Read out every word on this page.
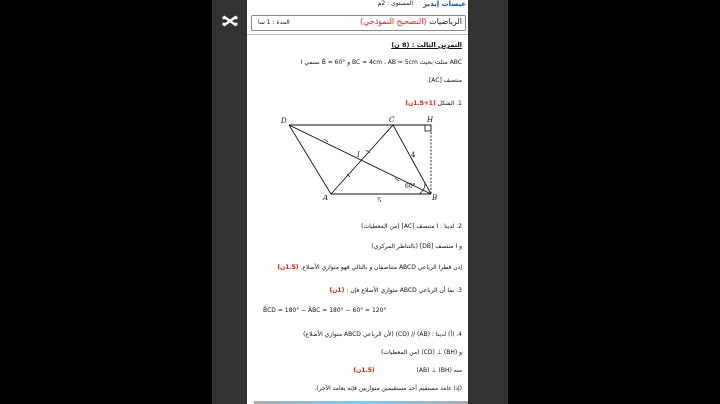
عيسات إيدير
المستوى : 2م
الرياضيات (التصحيح النموذجي)
المدة : 1 سا
التمرين الثالث : (8 ن)
ABC مثلث بحيث BC = 4cm ، AB = 5cm و B̂ = 60° نسمي I
منتصف [AC].
1. الشكل (1+1.5ن)
D	C	H
I	4
60°
A	5	B
2. لدينا : I منتصف [AC] (من المعطيات)
و I منتصف [DB] (بالتناظر المركزي)
إذن قطرا الرباعي ABCD متناصفان و بالتالي فهو متوازي الأضلاع. (1.5ن)
3. بما أن الرباعي ABCD متوازي الأضلاع فإن : (1ن)
B̂CD = 180° − ÂBC = 180° − 60° = 120°
4. (أ) لدينا : (AB) // (CD) (لأن الرباعي ABCD متوازي الأضلاع)
و (BH) ⊥ (CD) (من المعطيات)
منه (BH) ⊥ (AB) (1.5ن)
(إذا عامد مستقيم أحد مستقيمين متوازيين فإنه يعامد الآخر).
